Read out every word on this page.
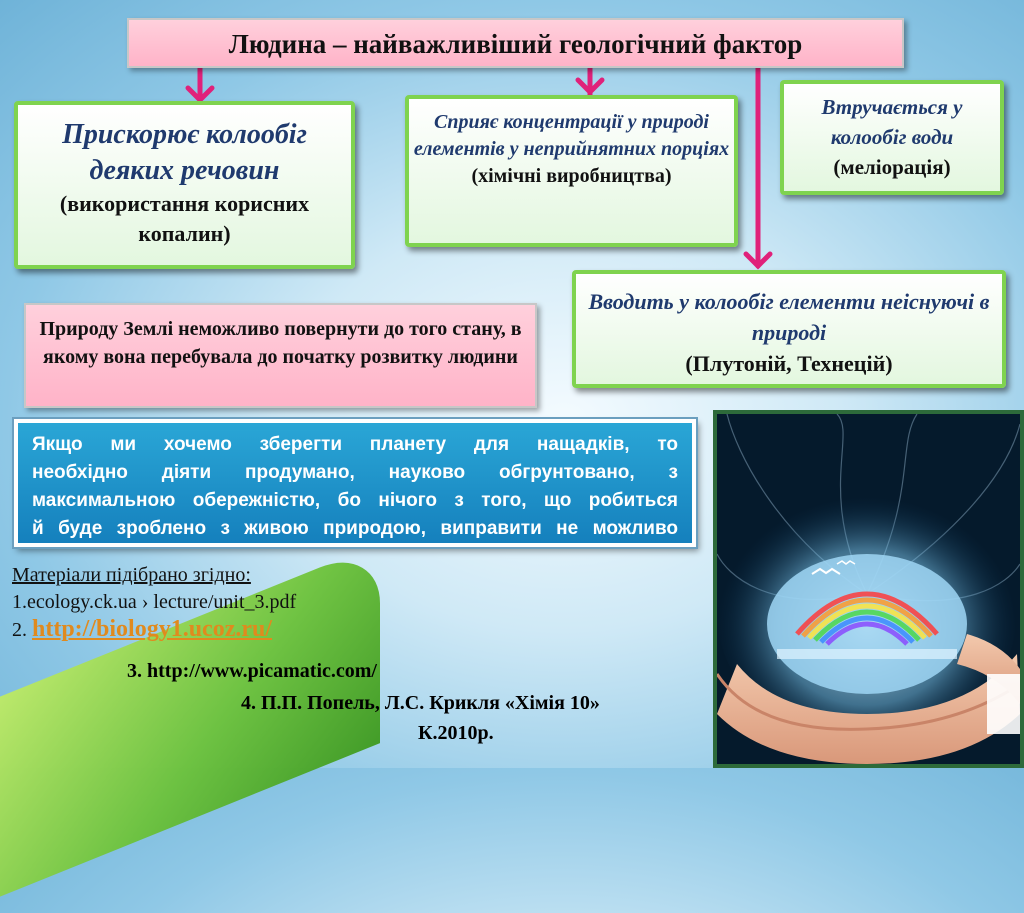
Людина – найважливіший геологічний фактор
Прискорює колообіг деяких речовин
(використання корисних копалин)
Сприяє концентрації у природі елементів у неприйнятних порціях
(хімічні виробництва)
Втручається у колообіг води
(меліорація)
Вводить у колообіг елементи неіснуючі в природі
(Плутоній, Технецій)
Природу Землі неможливо повернути до того стану, в якому вона перебувала до початку розвитку людини
Якщо ми хочемо зберегти планету для нащадків, то
необхідно діяти продумано, науково обгрунтовано, з
максимальною обережністю, бо нічого з того, що робиться
й буде зроблено з живою природою, виправити не можливо
Матеріали підібрано згідно:
1.ecology.ck.ua › lecture/unit_3.pdf
2. http://biology1.ucoz.ru/
3. http://www.picamatic.com/
4. П.П. Попель, Л.С. Крикля «Хімія 10»
К.2010р.
